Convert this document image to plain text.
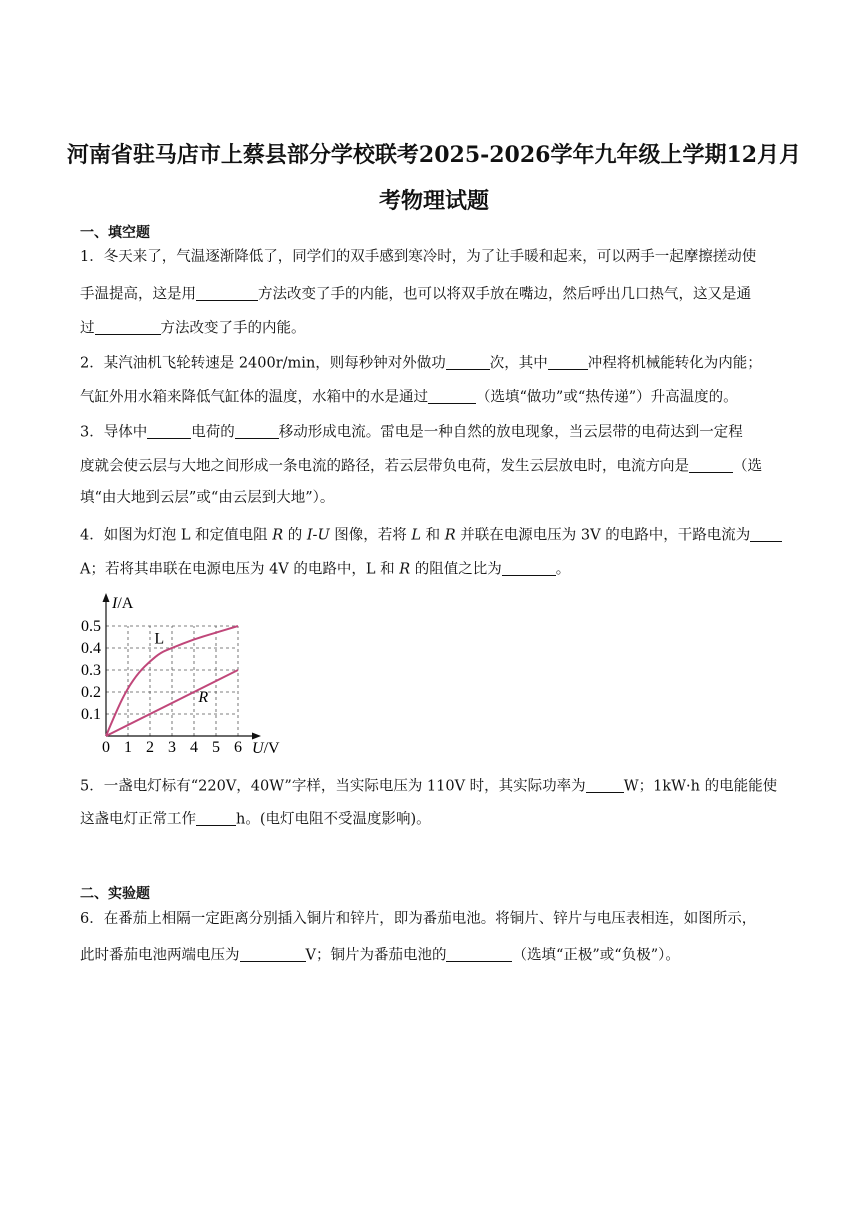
河南省驻马店市上蔡县部分学校联考2025-2026学年九年级上学期12月月
考物理试题
一、填空题
1．冬天来了，气温逐渐降低了，同学们的双手感到寒冷时，为了让手暖和起来，可以两手一起摩擦搓动使
手温提高，这是用	方法改变了手的内能，也可以将双手放在嘴边，然后呼出几口热气，这又是通
过	方法改变了手的内能。
2．某汽油机飞轮转速是 2400r/min，则每秒钟对外做功	次，其中	冲程将机械能转化为内能；
气缸外用水箱来降低气缸体的温度，水箱中的水是通过	（选填“做功”或“热传递”）升高温度的。
3．导体中	电荷的	移动形成电流。雷电是一种自然的放电现象，当云层带的电荷达到一定程
度就会使云层与大地之间形成一条电流的路径，若云层带负电荷，发生云层放电时，电流方向是	（选
填“由大地到云层”或“由云层到大地”）。
4．如图为灯泡 L 和定值电阻 R 的 I-U 图像，若将 L 和 R 并联在电源电压为 3V 的电路中，干路电流为
A；若将其串联在电源电压为 4V 的电路中，L 和 R 的阻值之比为	。
0 1 2 3 4 5 6
0.1
0.2
0.3
0.4
0.5
I/A
U/V
L
R
5．一盏电灯标有“220V，40W”字样，当实际电压为 110V 时，其实际功率为	W；1kW·h 的电能能使
这盏电灯正常工作	h。(电灯电阻不受温度影响)。
二、实验题
6．在番茄上相隔一定距离分别插入铜片和锌片，即为番茄电池。将铜片、锌片与电压表相连，如图所示，
此时番茄电池两端电压为	V；铜片为番茄电池的	（选填“正极”或“负极”）。
